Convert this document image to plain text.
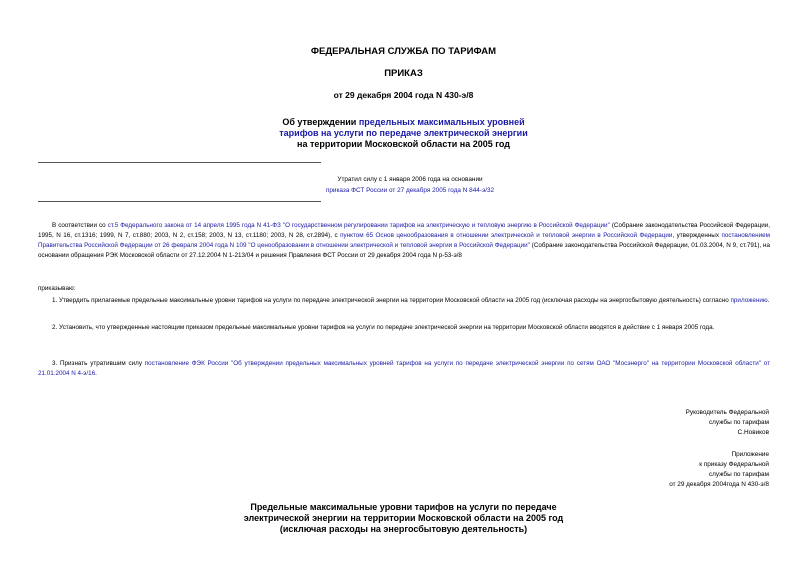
ФЕДЕРАЛЬНАЯ СЛУЖБА ПО ТАРИФАМ
ПРИКАЗ
от 29 декабря 2004 года N 430-э/8
Об утверждении предельных максимальных уровней
тарифов на услуги по передаче электрической энергии
на территории Московской области на 2005 год
Утратил силу с 1 января 2006 года на основании
приказа ФСТ России от 27 декабря 2005 года N 844-э/32
В соответствии со ст.5 Федерального закона от 14 апреля 1995 года N 41-ФЗ "О государственном регулировании тарифов на электрическую и тепловую энергию в Российской Федерации" (Собрание законодательства Российской Федерации, 1995, N 16, ст.1316; 1999, N 7, ст.880; 2003, N 2, ст.158; 2003, N 13, ст.1180; 2003, N 28, ст.2894), с пунктом 65 Основ ценообразования в отношении электрической и тепловой энергии в Российской Федерации, утвержденных постановлением Правительства Российской Федерации от 26 февраля 2004 года N 109 "О ценообразовании в отношении электрической и тепловой энергии в Российской Федерации" (Собрание законодательства Российской Федерации, 01.03.2004, N 9, ст.791), на основании обращения РЭК Московской области от 27.12.2004 N 1-213/04 и решения Правления ФСТ России от 29 декабря 2004 года N р-53-э/8
приказываю:
1. Утвердить прилагаемые предельные максимальные уровни тарифов на услуги по передаче электрической энергии на территории Московской области на 2005 год (исключая расходы на энергосбытовую деятельность) согласно приложению.
2. Установить, что утвержденные настоящим приказом предельные максимальные уровни тарифов на услуги по передаче электрической энергии на территории Московской области вводятся в действие с 1 января 2005 года.
3. Признать утратившим силу постановление ФЭК России "Об утверждении предельных максимальных уровней тарифов на услуги по передаче электрической энергии по сетям ОАО "Мосэнерго" на территории Московской области" от 21.01.2004 N 4-э/16.
Руководитель Федеральной
службы по тарифам
С.Новиков
Приложение
к приказу Федеральной
службы по тарифам
от 29 декабря 2004года N 430-э/8
Предельные максимальные уровни тарифов на услуги по передаче
электрической энергии на территории Московской области на 2005 год
(исключая расходы на энергосбытовую деятельность)
